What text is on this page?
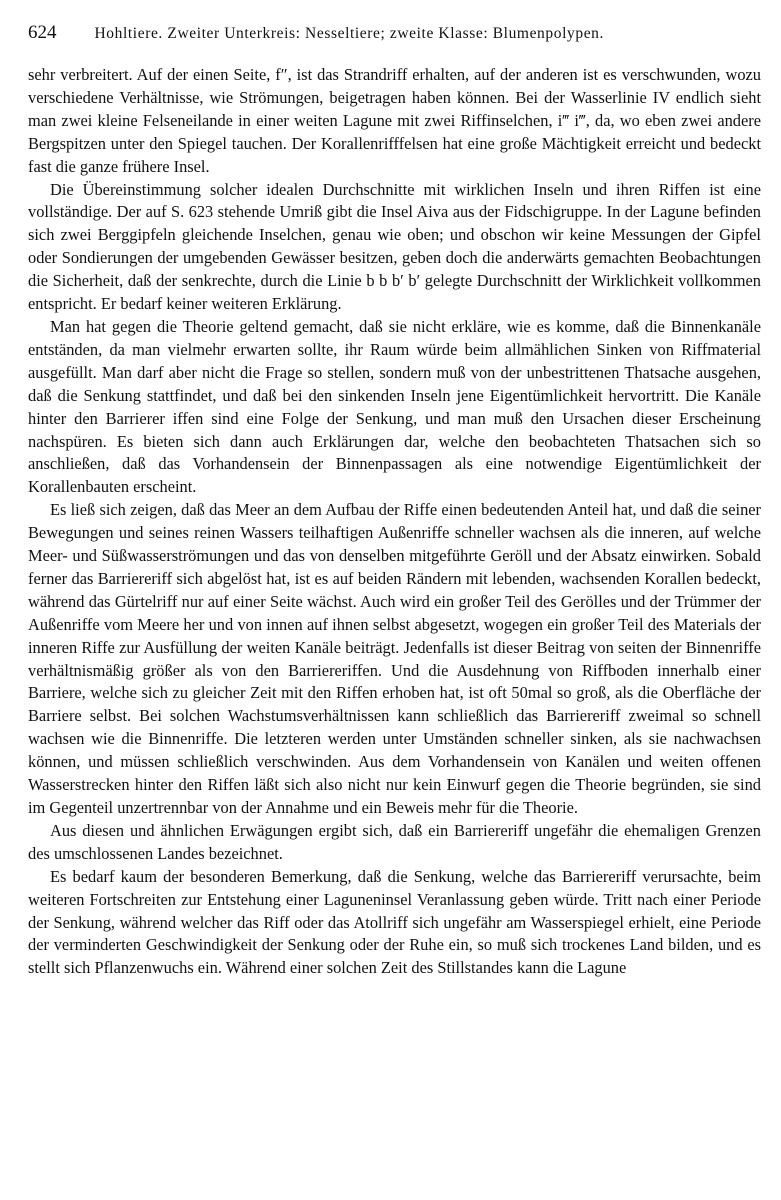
624 Hohltiere. Zweiter Unterkreis: Nesseltiere; zweite Klasse: Blumenpolypen.

sehr verbreitert. Auf der einen Seite, f″, ist das Strandriff erhalten, auf der anderen ist es verschwunden, wozu verschiedene Verhältnisse, wie Strömungen, beigetragen haben können. Bei der Wasserlinie IV endlich sieht man zwei kleine Felseneilande in einer weiten Lagune mit zwei Riffinselchen, i‴ i‴, da, wo eben zwei andere Bergspitzen unter den Spiegel tauchen. Der Korallenrifffelsen hat eine große Mächtigkeit erreicht und bedeckt fast die ganze frühere Insel.

Die Übereinstimmung solcher idealen Durchschnitte mit wirklichen Inseln und ihren Riffen ist eine vollständige. Der auf S. 623 stehende Umriß gibt die Insel Aiva aus der Fidschigruppe. In der Lagune befinden sich zwei Berggipfeln gleichende Inselchen, genau wie oben; und obschon wir keine Messungen der Gipfel oder Sondierungen der umgebenden Gewässer besitzen, geben doch die anderwärts gemachten Beobachtungen die Sicherheit, daß der senkrechte, durch die Linie b b b′ b′ gelegte Durchschnitt der Wirklichkeit vollkommen entspricht. Er bedarf keiner weiteren Erklärung.

Man hat gegen die Theorie geltend gemacht, daß sie nicht erkläre, wie es komme, daß die Binnenkanäle entständen, da man vielmehr erwarten sollte, ihr Raum würde beim allmählichen Sinken von Riffmaterial ausgefüllt. Man darf aber nicht die Frage so stellen, sondern muß von der unbestrittenen Thatsache ausgehen, daß die Senkung stattfindet, und daß bei den sinkenden Inseln jene Eigentümlichkeit hervortritt. Die Kanäle hinter den Barrierer iffen sind eine Folge der Senkung, und man muß den Ursachen dieser Erscheinung nachspüren. Es bieten sich dann auch Erklärungen dar, welche den beobachteten Thatsachen sich so anschließen, daß das Vorhandensein der Binnenpassagen als eine notwendige Eigentümlichkeit der Korallenbauten erscheint.

Es ließ sich zeigen, daß das Meer an dem Aufbau der Riffe einen bedeutenden Anteil hat, und daß die seiner Bewegungen und seines reinen Wassers teilhaftigen Außenriffe schneller wachsen als die inneren, auf welche Meer- und Süßwasserströmungen und das von denselben mitgeführte Geröll und der Absatz einwirken. Sobald ferner das Barriereriff sich abgelöst hat, ist es auf beiden Rändern mit lebenden, wachsenden Korallen bedeckt, während das Gürtelriff nur auf einer Seite wächst. Auch wird ein großer Teil des Gerölles und der Trümmer der Außenriffe vom Meere her und von innen auf ihnen selbst abgesetzt, wogegen ein großer Teil des Materials der inneren Riffe zur Ausfüllung der weiten Kanäle beiträgt. Jedenfalls ist dieser Beitrag von seiten der Binnenriffe verhältnismäßig größer als von den Barriereriffen. Und die Ausdehnung von Riffboden innerhalb einer Barriere, welche sich zu gleicher Zeit mit den Riffen erhoben hat, ist oft 50mal so groß, als die Oberfläche der Barriere selbst. Bei solchen Wachstumsverhältnissen kann schließlich das Barriereriff zweimal so schnell wachsen wie die Binnenriffe. Die letzteren werden unter Umständen schneller sinken, als sie nachwachsen können, und müssen schließlich verschwinden. Aus dem Vorhandensein von Kanälen und weiten offenen Wasserstrecken hinter den Riffen läßt sich also nicht nur kein Einwurf gegen die Theorie begründen, sie sind im Gegenteil unzertrennbar von der Annahme und ein Beweis mehr für die Theorie.

Aus diesen und ähnlichen Erwägungen ergibt sich, daß ein Barriereriff ungefähr die ehemaligen Grenzen des umschlossenen Landes bezeichnet.

Es bedarf kaum der besonderen Bemerkung, daß die Senkung, welche das Barriereriff verursachte, beim weiteren Fortschreiten zur Entstehung einer Laguneninsel Veranlassung geben würde. Tritt nach einer Periode der Senkung, während welcher das Riff oder das Atollriff sich ungefähr am Wasserspiegel erhielt, eine Periode der verminderten Geschwindigkeit der Senkung oder der Ruhe ein, so muß sich trockenes Land bilden, und es stellt sich Pflanzenwuchs ein. Während einer solchen Zeit des Stillstandes kann die Lagune
